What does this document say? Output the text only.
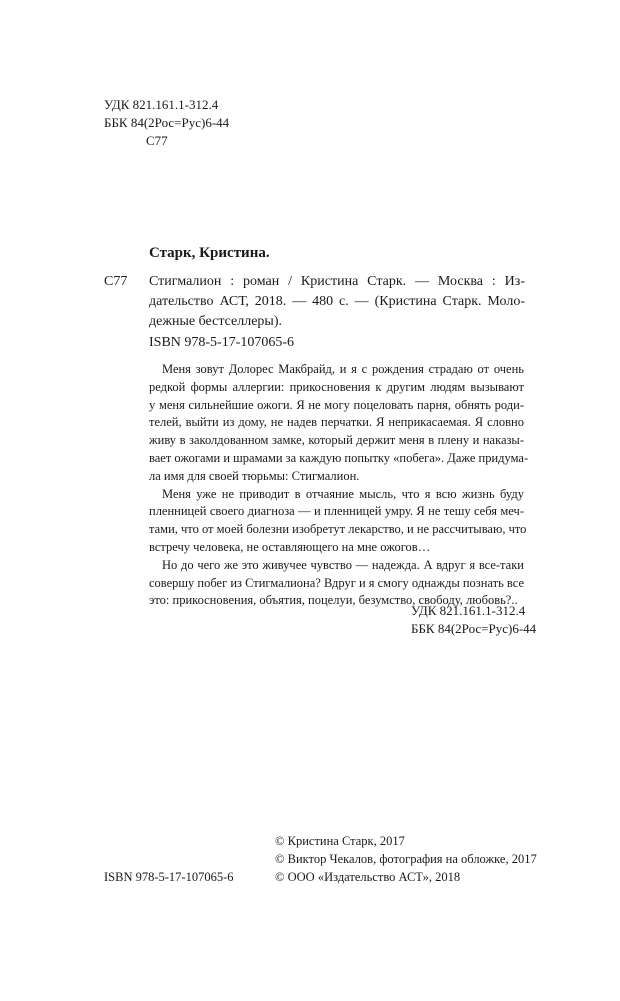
УДК 821.161.1-312.4
ББК 84(2Рос=Рус)6-44
С77
Старк, Кристина.
С77 Стигмалион : роман / Кристина Старк. — Москва : Из-
дательство АСТ, 2018. — 480 с. — (Кристина Старк. Моло-
дежные бестселлеры).
ISBN 978-5-17-107065-6
Меня зовут Долорес Макбрайд, и я с рождения страдаю от очень
редкой формы аллергии: прикосновения к другим людям вызывают
у меня сильнейшие ожоги. Я не могу поцеловать парня, обнять роди-
телей, выйти из дому, не надев перчатки. Я неприкасаемая. Я словно
живу в заколдованном замке, который держит меня в плену и наказы-
вает ожогами и шрамами за каждую попытку «побега». Даже придума-
ла имя для своей тюрьмы: Стигмалион.
Меня уже не приводит в отчаяние мысль, что я всю жизнь буду
пленницей своего диагноза — и пленницей умру. Я не тешу себя меч-
тами, что от моей болезни изобретут лекарство, и не рассчитываю, что
встречу человека, не оставляющего на мне ожогов…
Но до чего же это живучее чувство — надежда. А вдруг я все-таки
совершу побег из Стигмалиона? Вдруг и я смогу однажды познать все
это: прикосновения, объятия, поцелуи, безумство, свободу, любовь?..
УДК 821.161.1-312.4
ББК 84(2Рос=Рус)6-44
ISBN 978-5-17-107065-6
© Кристина Старк, 2017
© Виктор Чекалов, фотография на обложке, 2017
© ООО «Издательство АСТ», 2018
